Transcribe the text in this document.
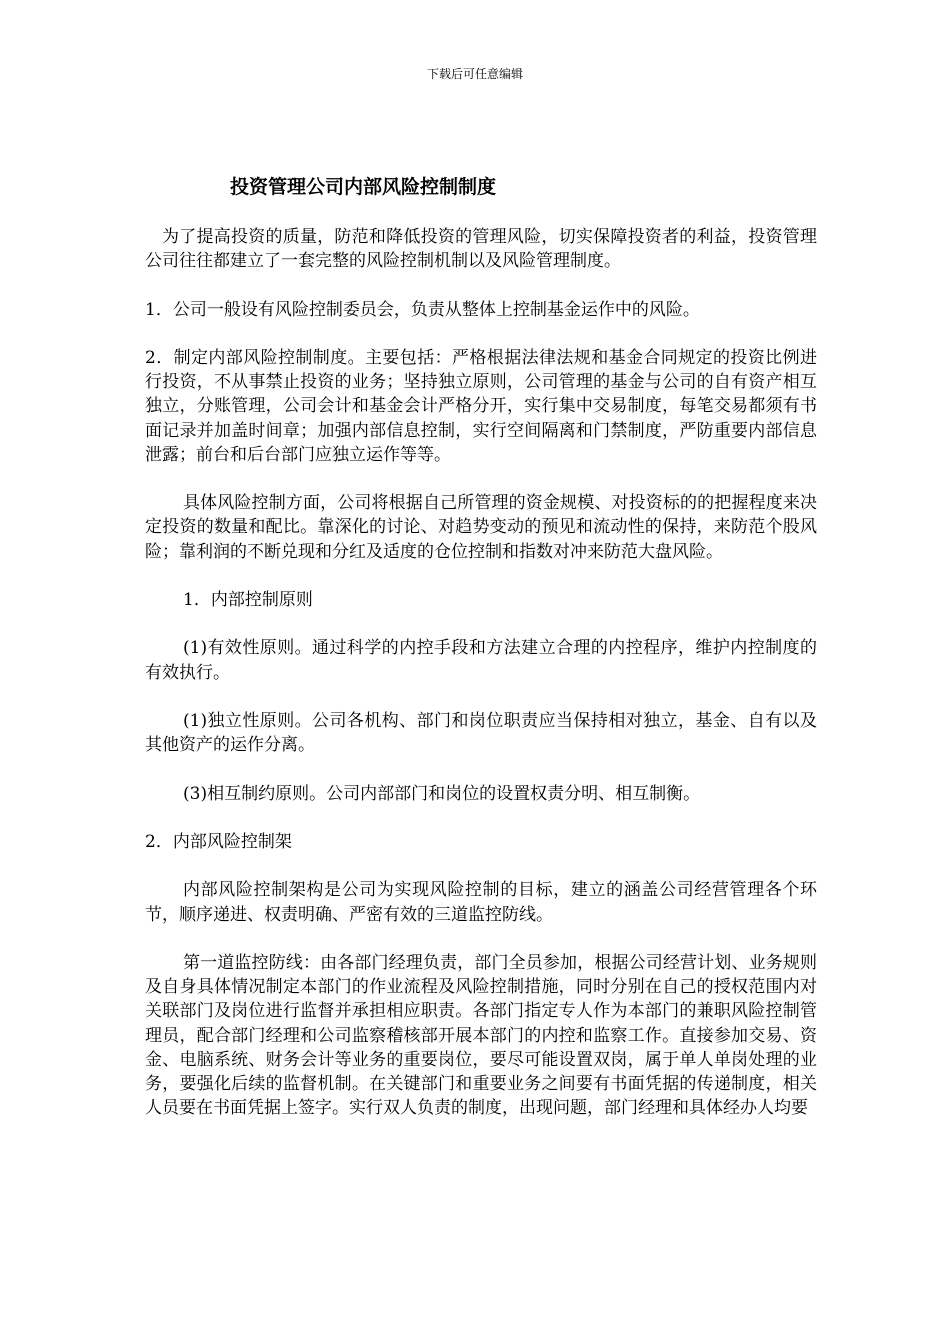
下载后可任意编辑
投资管理公司内部风险控制制度

为了提高投资的质量，防范和降低投资的管理风险，切实保障投资者的利益，投资管理公司往往都建立了一套完整的风险控制机制以及风险管理制度。

1．公司一般设有风险控制委员会，负责从整体上控制基金运作中的风险。

2．制定内部风险控制制度。主要包括：严格根据法律法规和基金合同规定的投资比例进行投资，不从事禁止投资的业务；坚持独立原则，公司管理的基金与公司的自有资产相互独立，分账管理，公司会计和基金会计严格分开，实行集中交易制度，每笔交易都须有书面记录并加盖时间章；加强内部信息控制，实行空间隔离和门禁制度，严防重要内部信息泄露；前台和后台部门应独立运作等等。

具体风险控制方面，公司将根据自己所管理的资金规模、对投资标的的把握程度来决定投资的数量和配比。靠深化的讨论、对趋势变动的预见和流动性的保持，来防范个股风险；靠利润的不断兑现和分红及适度的仓位控制和指数对冲来防范大盘风险。

1．内部控制原则

(1)有效性原则。通过科学的内控手段和方法建立合理的内控程序，维护内控制度的有效执行。

(1)独立性原则。公司各机构、部门和岗位职责应当保持相对独立，基金、自有以及其他资产的运作分离。

(3)相互制约原则。公司内部部门和岗位的设置权责分明、相互制衡。

2．内部风险控制架

内部风险控制架构是公司为实现风险控制的目标，建立的涵盖公司经营管理各个环节，顺序递进、权责明确、严密有效的三道监控防线。

第一道监控防线：由各部门经理负责，部门全员参加，根据公司经营计划、业务规则及自身具体情况制定本部门的作业流程及风险控制措施，同时分别在自己的授权范围内对关联部门及岗位进行监督并承担相应职责。各部门指定专人作为本部门的兼职风险控制管理员，配合部门经理和公司监察稽核部开展本部门的内控和监察工作。直接参加交易、资金、电脑系统、财务会计等业务的重要岗位，要尽可能设置双岗，属于单人单岗处理的业务，要强化后续的监督机制。在关键部门和重要业务之间要有书面凭据的传递制度，相关人员要在书面凭据上签字。实行双人负责的制度，出现问题，部门经理和具体经办人均要
